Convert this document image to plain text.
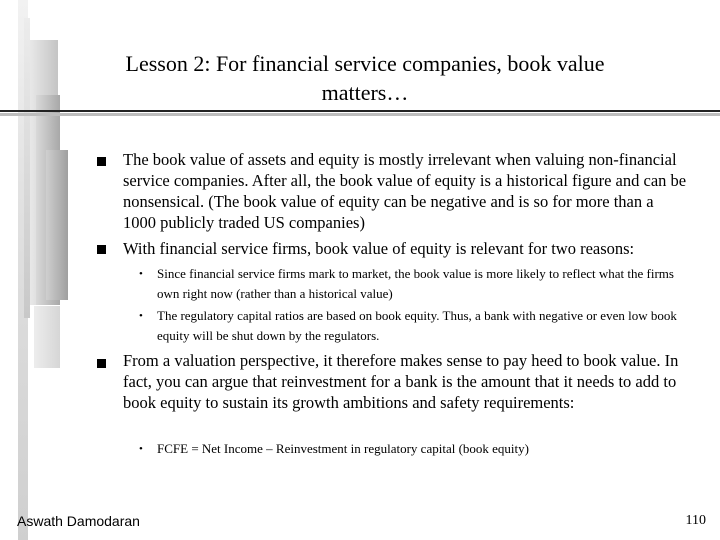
Lesson 2: For financial service companies, book value matters…

The book value of assets and equity is mostly irrelevant when valuing non-financial service companies. After all, the book value of equity is a historical figure and can be nonsensical. (The book value of equity can be negative and is so for more than a 1000 publicly traded US companies)

With financial service firms, book value of equity is relevant for two reasons:

• Since financial service firms mark to market, the book value is more likely to reflect what the firms own right now (rather than a historical value)

• The regulatory capital ratios are based on book equity. Thus, a bank with negative or even low book equity will be shut down by the regulators.

From a valuation perspective, it therefore makes sense to pay heed to book value. In fact, you can argue that reinvestment for a bank is the amount that it needs to add to book equity to sustain its growth ambitions and safety requirements:

• FCFE = Net Income – Reinvestment in regulatory capital (book equity)

Aswath Damodaran	110
